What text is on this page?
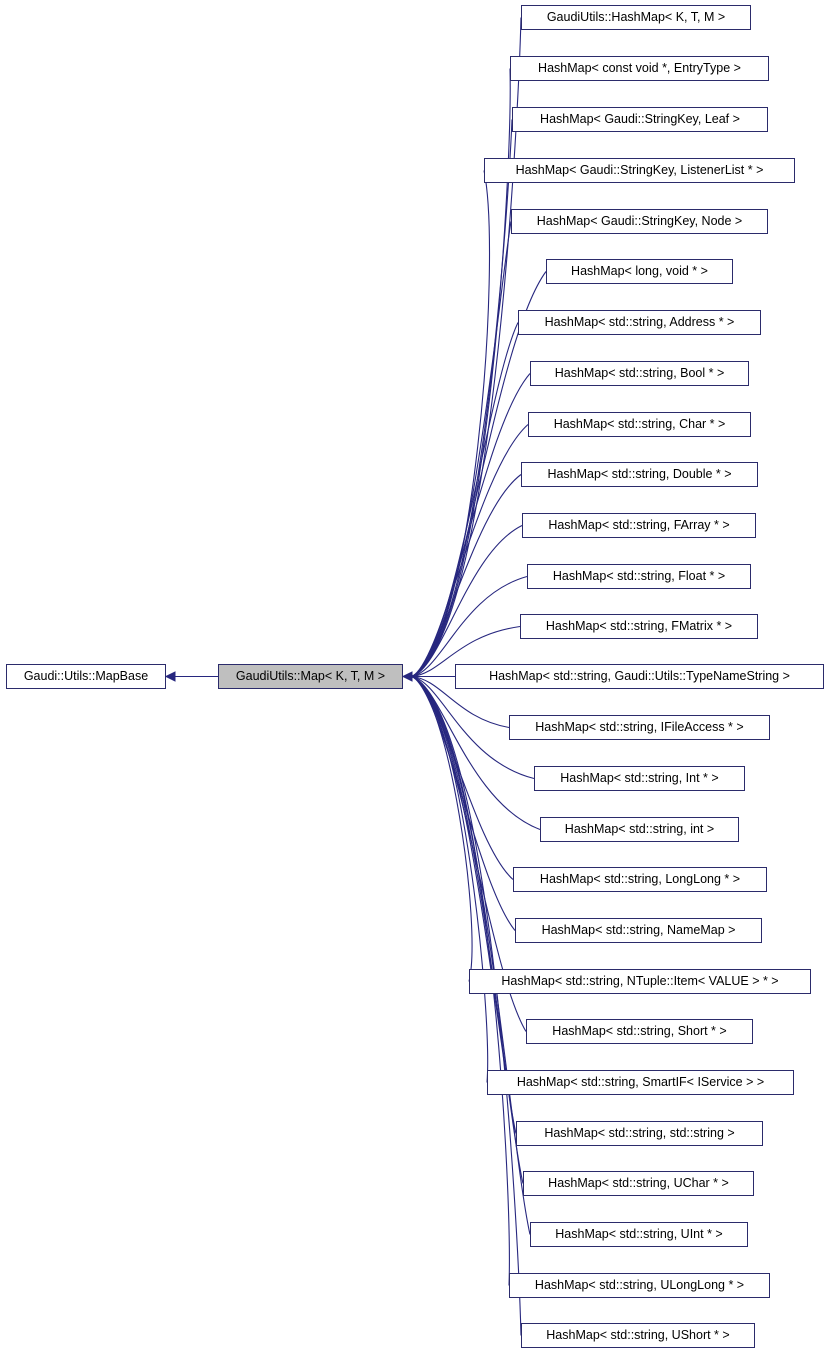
Gaudi::Utils::MapBase	GaudiUtils::Map< K, T, M >
GaudiUtils::HashMap< K, T, M >
HashMap< const void *, EntryType >
HashMap< Gaudi::StringKey, Leaf >
HashMap< Gaudi::StringKey, ListenerList * >
HashMap< Gaudi::StringKey, Node >
HashMap< long, void * >
HashMap< std::string, Address * >
HashMap< std::string, Bool * >
HashMap< std::string, Char * >
HashMap< std::string, Double * >
HashMap< std::string, FArray * >
HashMap< std::string, Float * >
HashMap< std::string, FMatrix * >
HashMap< std::string, Gaudi::Utils::TypeNameString >
HashMap< std::string, IFileAccess * >
HashMap< std::string, Int * >
HashMap< std::string, int >
HashMap< std::string, LongLong * >
HashMap< std::string, NameMap >
HashMap< std::string, NTuple::Item< VALUE > * >
HashMap< std::string, Short * >
HashMap< std::string, SmartIF< IService > >
HashMap< std::string, std::string >
HashMap< std::string, UChar * >
HashMap< std::string, UInt * >
HashMap< std::string, ULongLong * >
HashMap< std::string, UShort * >
